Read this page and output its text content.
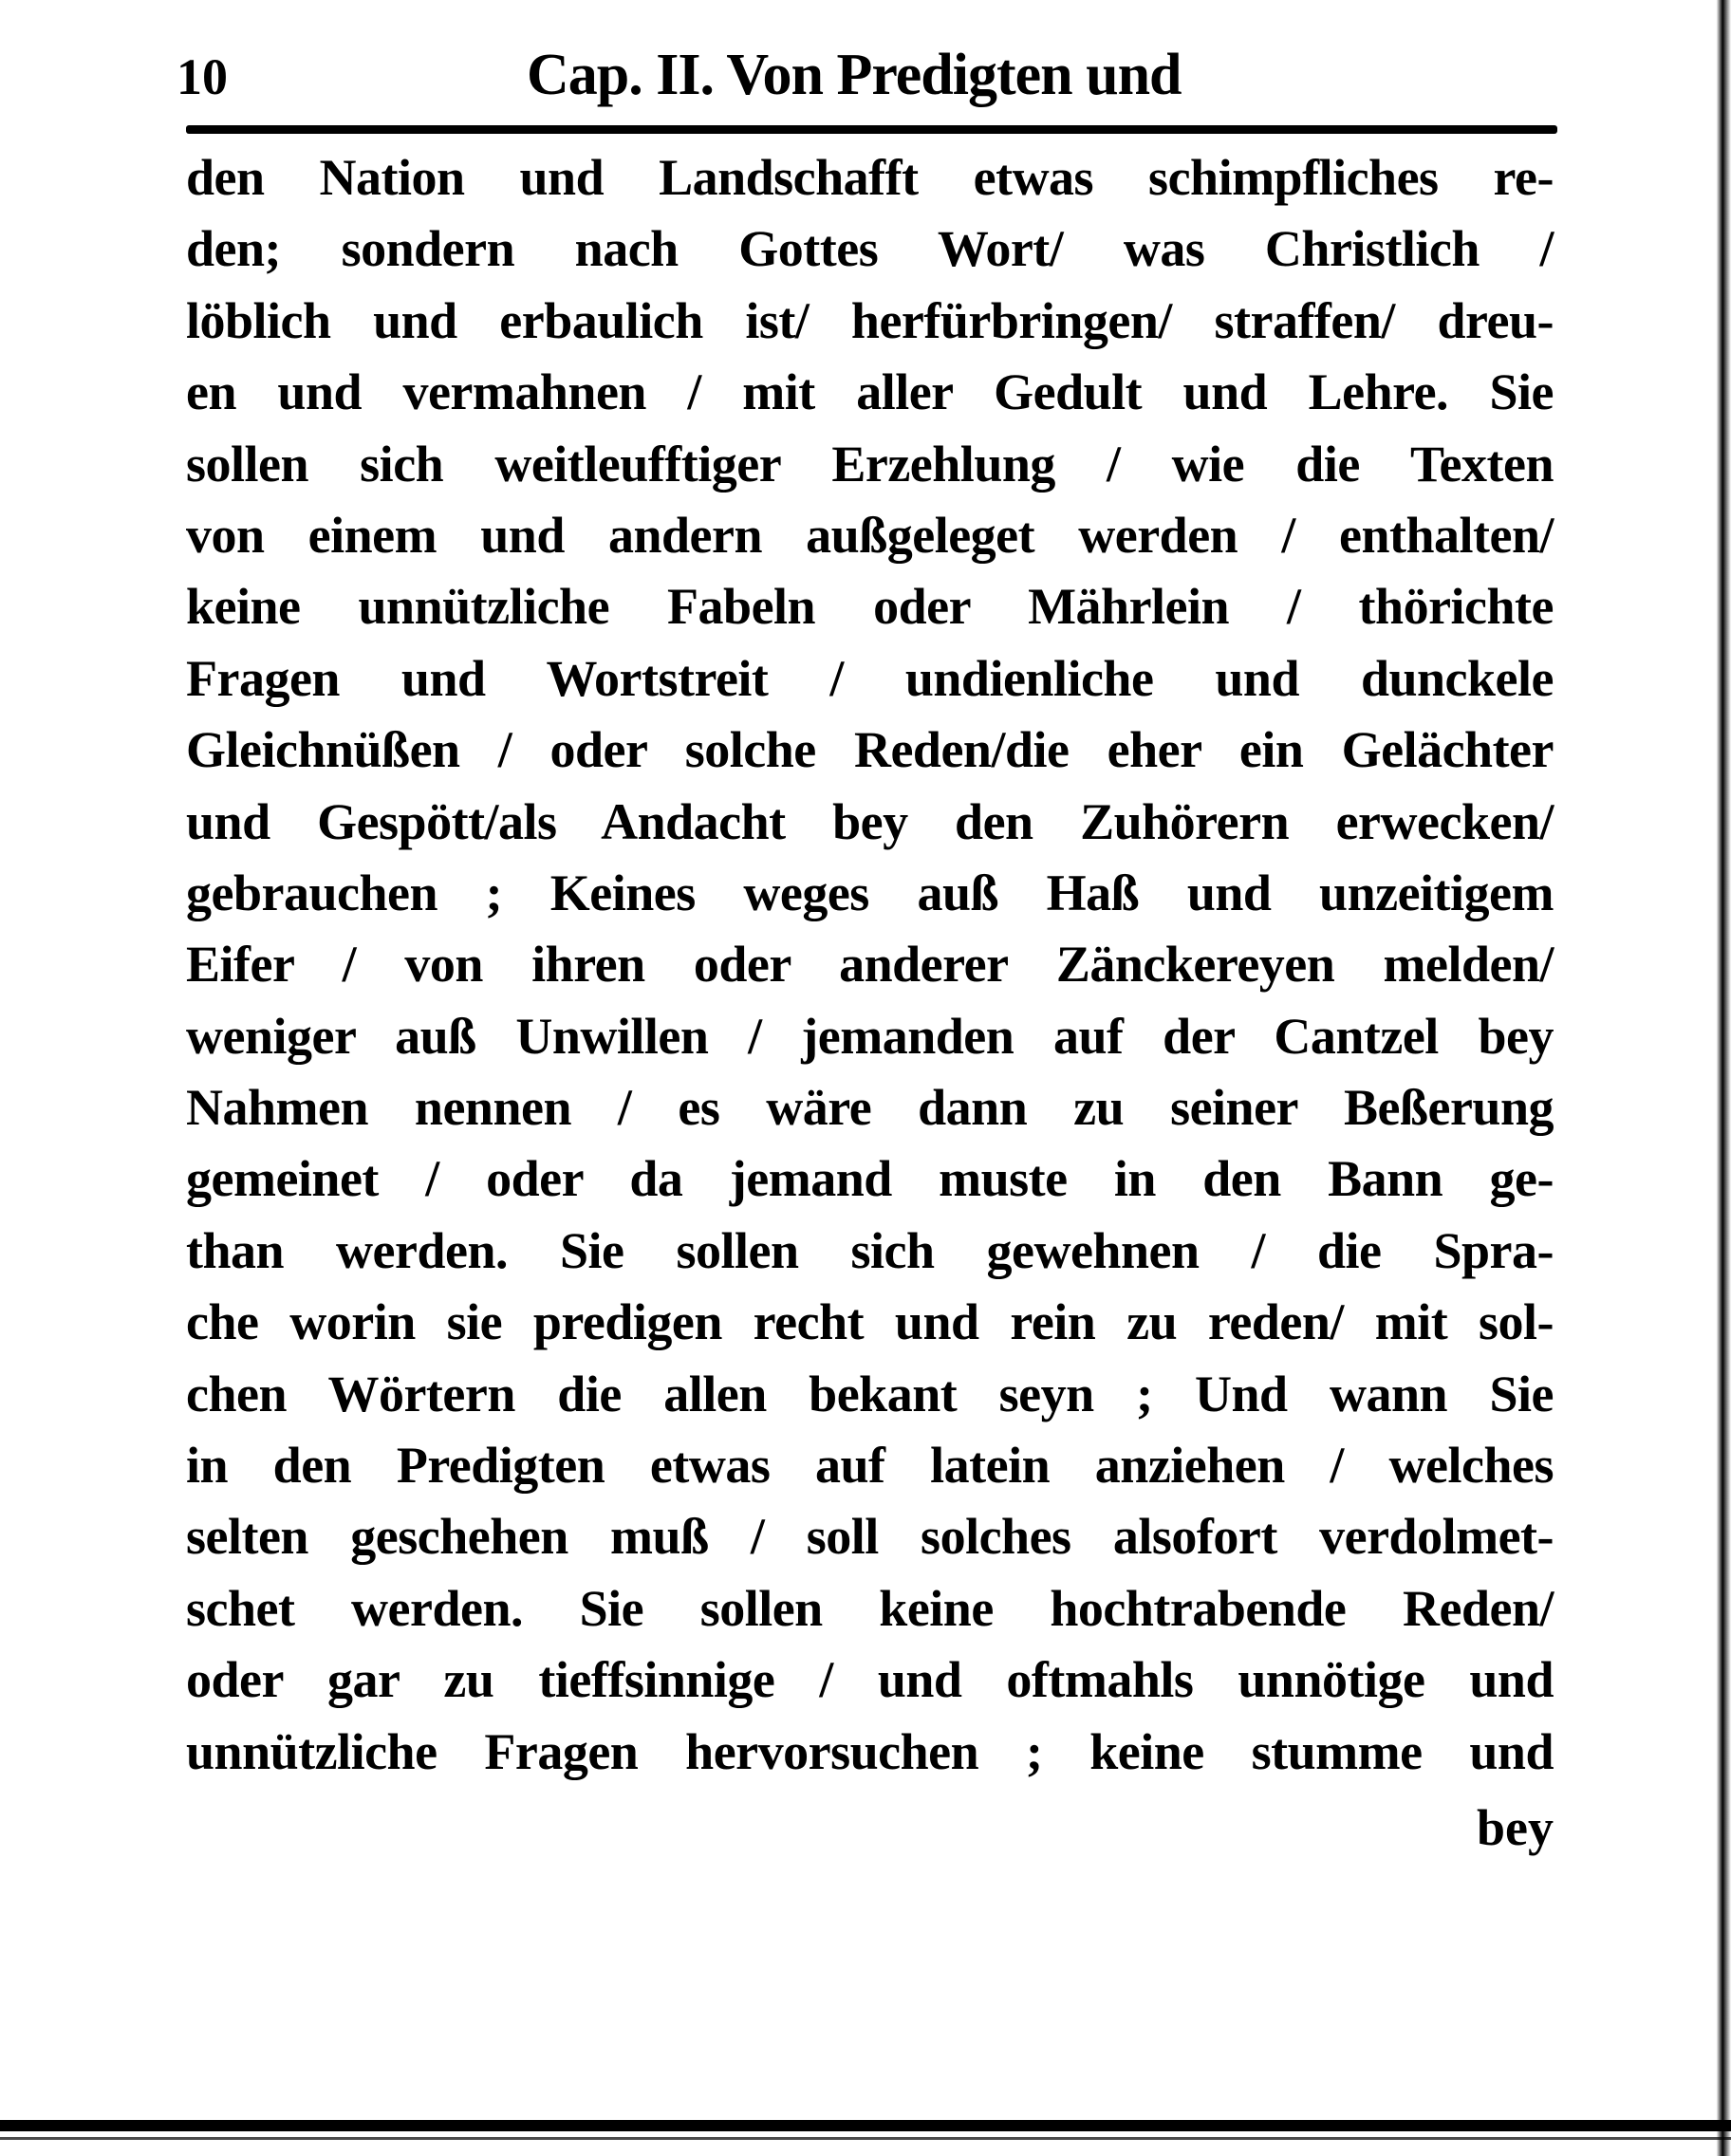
10	Cap. II. Von Predigten und
den Nation und Landschafft etwas schimpfliches re-
den; sondern nach Gottes Wort/ was Christlich /
löblich und erbaulich ist/ herfürbringen/ straffen/ dreu-
en und vermahnen / mit aller Gedult und Lehre. Sie
sollen sich weitleufftiger Erzehlung / wie die Texten
von einem und andern außgeleget werden / enthalten/
keine unnützliche Fabeln oder Mährlein / thörichte
Fragen und Wortstreit / undienliche und dunckele
Gleichnüßen / oder solche Reden/die eher ein Gelächter
und Gespött/als Andacht bey den Zuhörern erwecken/
gebrauchen ; Keines weges auß Haß und unzeitigem
Eifer / von ihren oder anderer Zänckereyen melden/
weniger auß Unwillen / jemanden auf der Cantzel bey
Nahmen nennen / es wäre dann zu seiner Beßerung
gemeinet / oder da jemand muste in den Bann ge-
than werden. Sie sollen sich gewehnen / die Spra-
che worin sie predigen recht und rein zu reden/ mit sol-
chen Wörtern die allen bekant seyn ; Und wann Sie
in den Predigten etwas auf latein anziehen / welches
selten geschehen muß / soll solches alsofort verdolmet-
schet werden. Sie sollen keine hochtrabende Reden/
oder gar zu tieffsinnige / und oftmahls unnötige und
unnützliche Fragen hervorsuchen ; keine stumme und
bey
